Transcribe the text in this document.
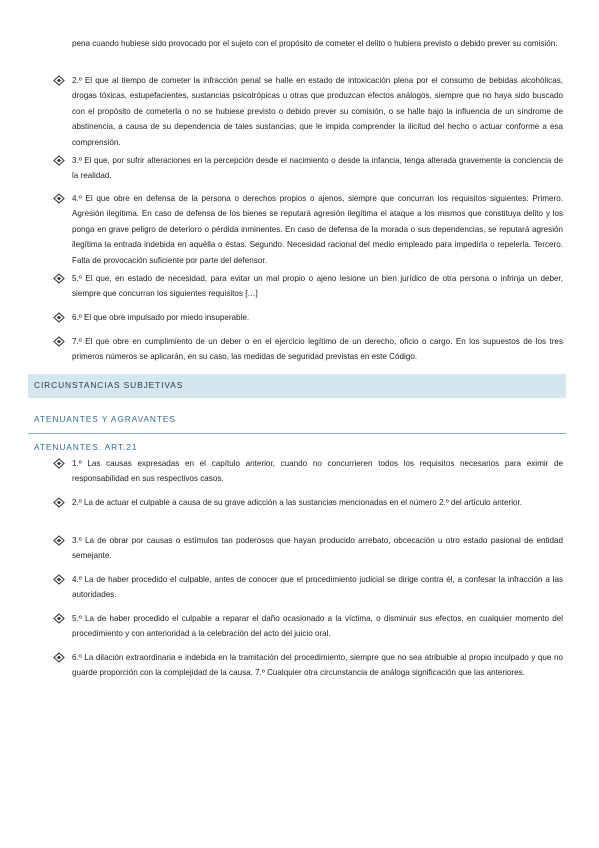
pena cuando hubiese sido provocado por el sujeto con el propósito de cometer el delito o hubiera previsto o debido prever su comisión.
2.º El que al tiempo de cometer la infracción penal se halle en estado de intoxicación plena por el consumo de bebidas alcohólicas, drogas tóxicas, estupefacientes, sustancias psicotrópicas u otras que produzcan efectos análogos, siempre que no haya sido buscado con el propósito de cometerla o no se hubiese previsto o debido prever su comisión, o se halle bajo la influencia de un síndrome de abstinencia, a causa de su dependencia de tales sustancias, que le impida comprender la ilicitud del hecho o actuar conforme a esa comprensión.
3.º El que, por sufrir alteraciones en la percepción desde el nacimiento o desde la infancia, tenga alterada gravemente la conciencia de la realidad.
4.º El que obre en defensa de la persona o derechos propios o ajenos, siempre que concurran los requisitos siguientes: Primero. Agresión ilegítima. En caso de defensa de los bienes se reputará agresión ilegítima el ataque a los mismos que constituya delito y los ponga en grave peligro de deterioro o pérdida inminentes. En caso de defensa de la morada o sus dependencias, se reputará agresión ilegítima la entrada indebida en aquélla o éstas. Segundo. Necesidad racional del medio empleado para impedirla o repelerla. Tercero. Falta de provocación suficiente por parte del defensor.
5.º El que, en estado de necesidad, para evitar un mal propio o ajeno lesione un bien jurídico de otra persona o infrinja un deber, siempre que concurran los siguientes requisitos […]
6.º El que obre impulsado por miedo insuperable.
7.º El que obre en cumplimiento de un deber o en el ejercicio legítimo de un derecho, oficio o cargo. En los supuestos de los tres primeros números se aplicarán, en su caso, las medidas de seguridad previstas en este Código.
CIRCUNSTANCIAS SUBJETIVAS
ATENUANTES Y AGRAVANTES
ATENUANTES. ART.21
1.º Las causas expresadas en el capítulo anterior, cuando no concurrieren todos los requisitos necesarios para eximir de responsabilidad en sus respectivos casos.
2.º La de actuar el culpable a causa de su grave adicción a las sustancias mencionadas en el número 2.º del artículo anterior.
3.º La de obrar por causas o estímulos tan poderosos que hayan producido arrebato, obcecación u otro estado pasional de entidad semejante.
4.º La de haber procedido el culpable, antes de conocer que el procedimiento judicial se dirige contra él, a confesar la infracción a las autoridades.
5.º La de haber procedido el culpable a reparar el daño ocasionado a la víctima, o disminuir sus efectos, en cualquier momento del procedimiento y con anterioridad a la celebración del acto del juicio oral.
6.º La dilación extraordinaria e indebida en la tramitación del procedimiento, siempre que no sea atribuible al propio inculpado y que no guarde proporción con la complejidad de la causa. 7.º Cualquier otra circunstancia de análoga significación que las anteriores.
